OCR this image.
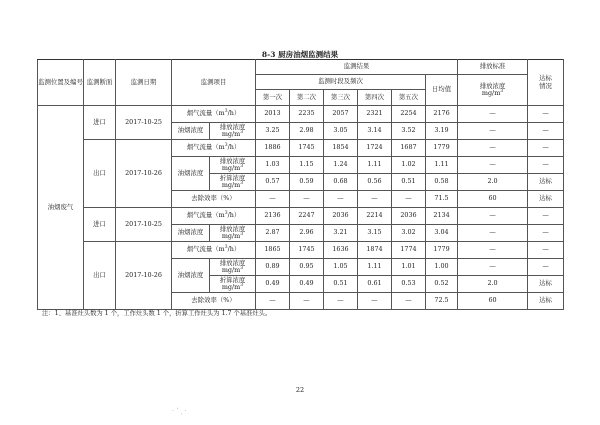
8-3 厨房油烟监测结果
监测位置及编号	监测断面	监测日期	监测项目		监测结果						排放标准	达标
情况
					监测时段及频次					日均值	排放浓度
$mg/m^3$
					第一次	第二次	第三次	第四次	第五次			
油烟废气	进口	2017-10-25	烟气流量$(m^3/h)$		2013	2235	2057	2321	2254	2176	—	—
			油烟浓度	排放浓度 $mg/m^3$	3.25	2.98	3.05	3.14	3.52	3.19	—	—
	出口	2017-10-26	烟气流量$(m^3/h)$		1886	1745	1854	1724	1687	1779	—	—
			油烟浓度	排放浓度 $mg/m^3$	1.03	1.15	1.24	1.11	1.02	1.11	—	—
				折算浓度 $mg/m^3$	0.57	0.59	0.68	0.56	0.51	0.58	2.0	达标
			去除效率（%）		—	—	—	—	—	71.5	60	达标
	进口	2017-10-25	烟气流量$(m^3/h)$		2136	2247	2036	2214	2036	2134	—	—
			油烟浓度	排放浓度 $mg/m^3$	2.87	2.96	3.21	3.15	3.02	3.04	—	—
	出口	2017-10-26	烟气流量$(m^3/h)$		1865	1745	1636	1874	1774	1779	—	—
			油烟浓度	排放浓度 $mg/m^3$	0.89	0.95	1.05	1.11	1.01	1.00	—	—
				折算浓度 $mg/m^3$	0.49	0.49	0.51	0.61	0.53	0.52	2.0	达标
			去除效率（%）		—	—	—	—	—	72.5	60	达标
注：1、基准灶头数为 1 个，工作灶头数 1 个，折算工作灶头为 1.7 个基准灶头。
22
· ˊ ˎ ·
